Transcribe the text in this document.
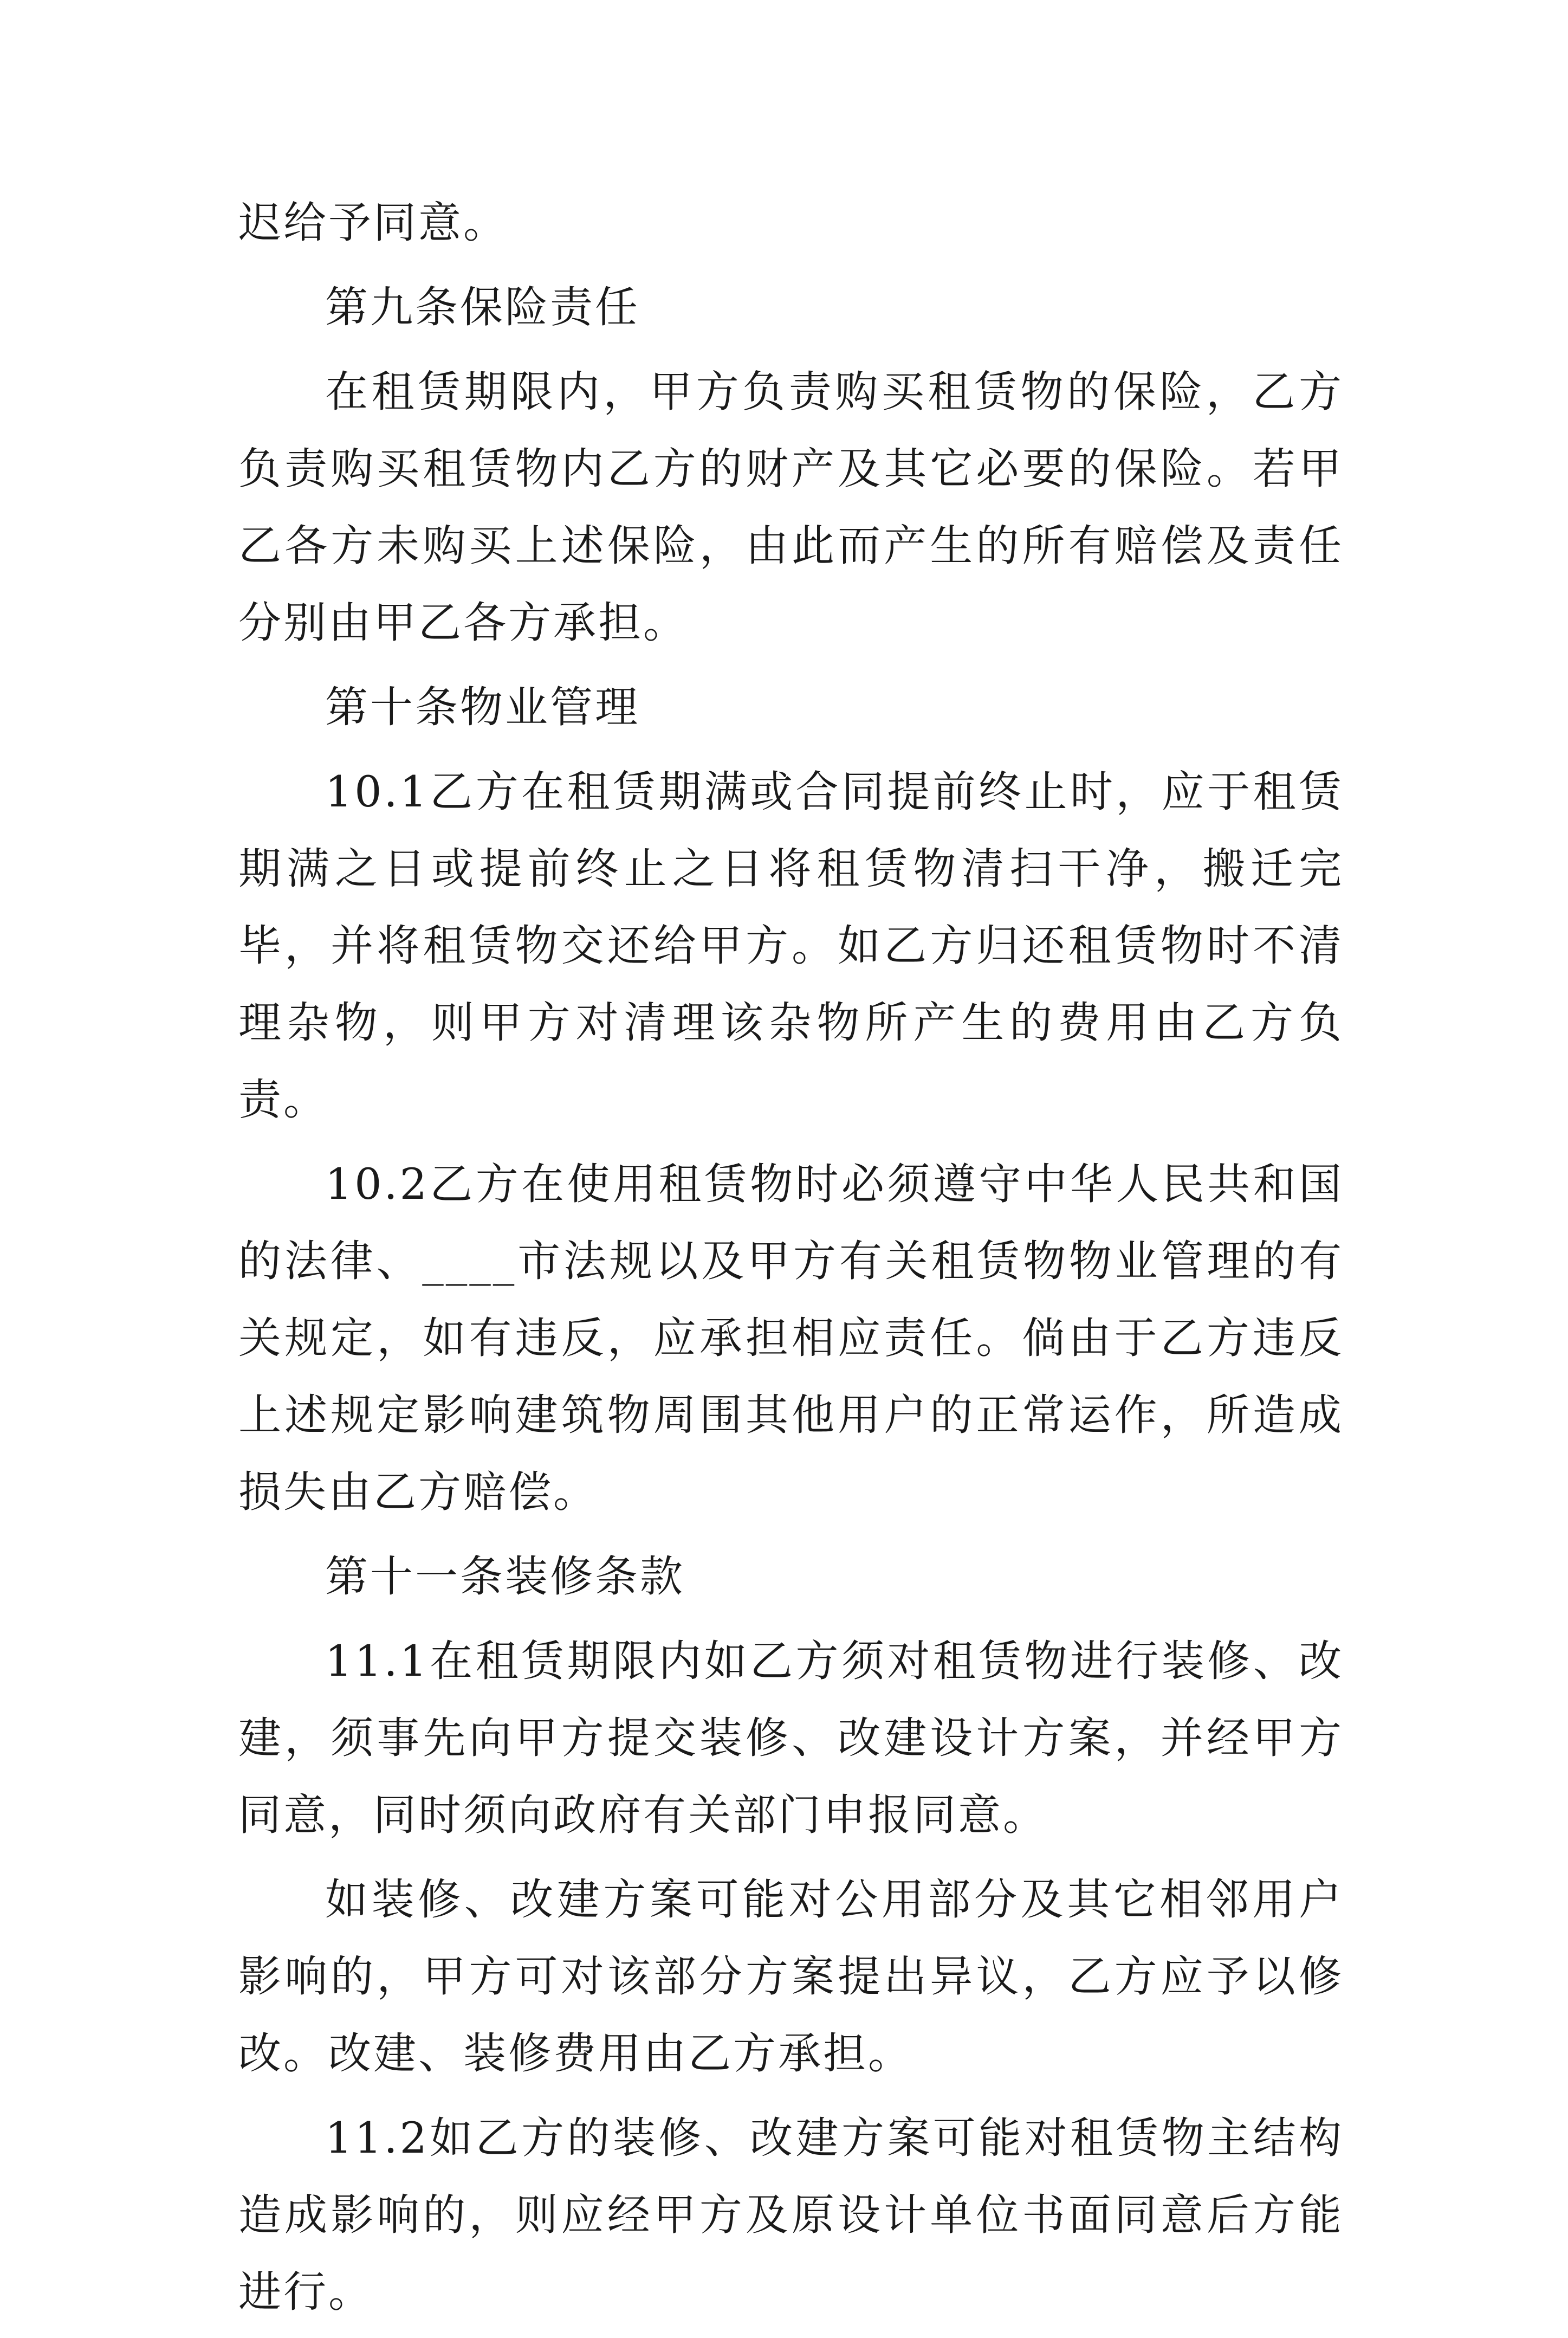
迟给予同意。

第九条保险责任

在租赁期限内，甲方负责购买租赁物的保险，乙方负责购买租赁物内乙方的财产及其它必要的保险。若甲乙各方未购买上述保险，由此而产生的所有赔偿及责任分别由甲乙各方承担。

第十条物业管理

10.1乙方在租赁期满或合同提前终止时，应于租赁期满之日或提前终止之日将租赁物清扫干净，搬迁完毕，并将租赁物交还给甲方。如乙方归还租赁物时不清理杂物，则甲方对清理该杂物所产生的费用由乙方负责。

10.2乙方在使用租赁物时必须遵守中华人民共和国的法律、____市法规以及甲方有关租赁物物业管理的有关规定，如有违反，应承担相应责任。倘由于乙方违反上述规定影响建筑物周围其他用户的正常运作，所造成损失由乙方赔偿。

第十一条装修条款

11.1在租赁期限内如乙方须对租赁物进行装修、改建，须事先向甲方提交装修、改建设计方案，并经甲方同意，同时须向政府有关部门申报同意。

如装修、改建方案可能对公用部分及其它相邻用户影响的，甲方可对该部分方案提出异议，乙方应予以修改。改建、装修费用由乙方承担。

11.2如乙方的装修、改建方案可能对租赁物主结构造成影响的，则应经甲方及原设计单位书面同意后方能进行。
